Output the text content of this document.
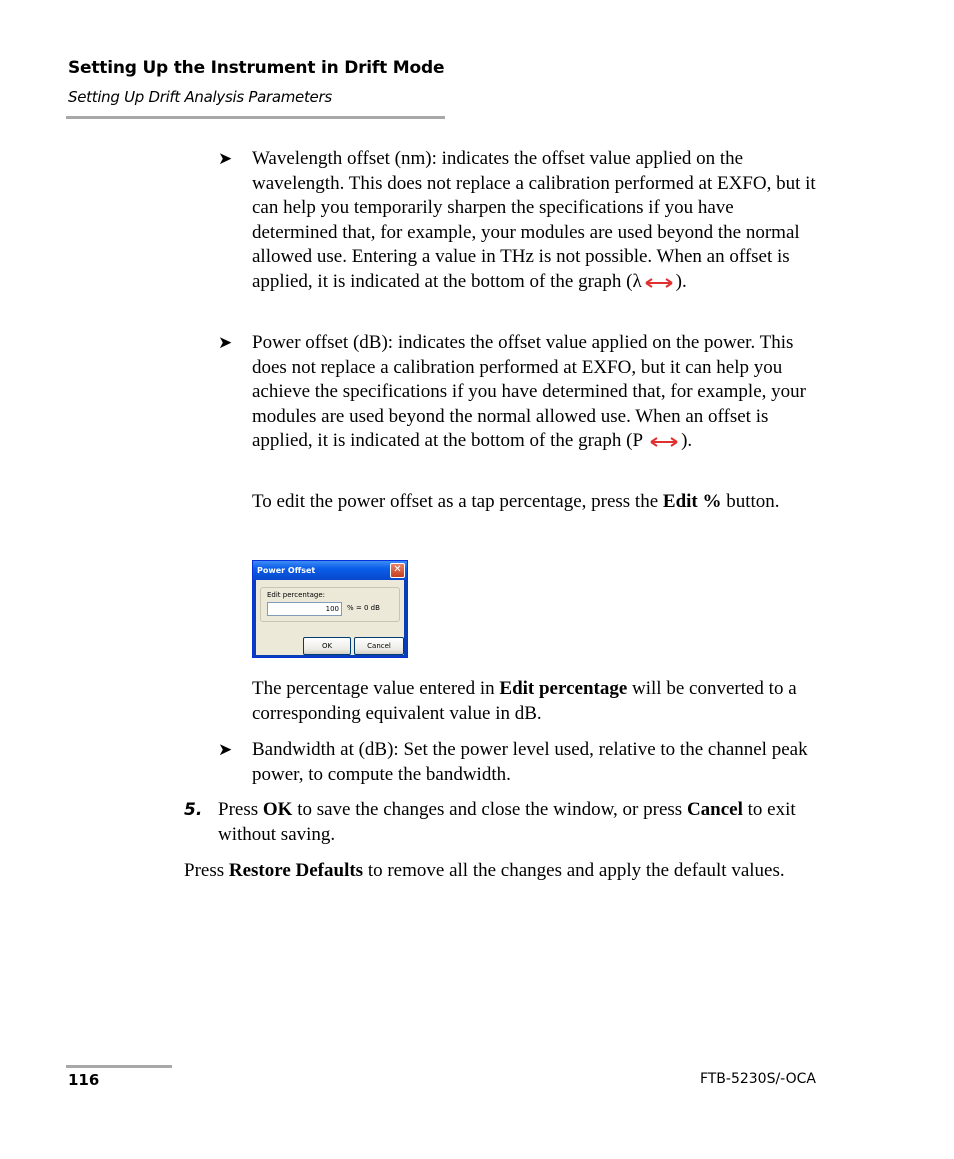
Setting Up the Instrument in Drift Mode
Setting Up Drift Analysis Parameters
➤ Wavelength offset (nm): indicates the offset value applied on the wavelength. This does not replace a calibration performed at EXFO, but it can help you temporarily sharpen the specifications if you have determined that, for example, your modules are used beyond the normal allowed use. Entering a value in THz is not possible. When an offset is applied, it is indicated at the bottom of the graph (λ ).
➤ Power offset (dB): indicates the offset value applied on the power. This does not replace a calibration performed at EXFO, but it can help you achieve the specifications if you have determined that, for example, your modules are used beyond the normal allowed use. When an offset is applied, it is indicated at the bottom of the graph (P ).
To edit the power offset as a tap percentage, press the Edit % button.
Power Offset	✕
Edit percentage:
100	% = 0 dB
OK	Cancel
The percentage value entered in Edit percentage will be converted to a corresponding equivalent value in dB.
➤ Bandwidth at (dB): Set the power level used, relative to the channel peak power, to compute the bandwidth.
5. Press OK to save the changes and close the window, or press Cancel to exit without saving.
Press Restore Defaults to remove all the changes and apply the default values.
116	FTB-5230S/-OCA
